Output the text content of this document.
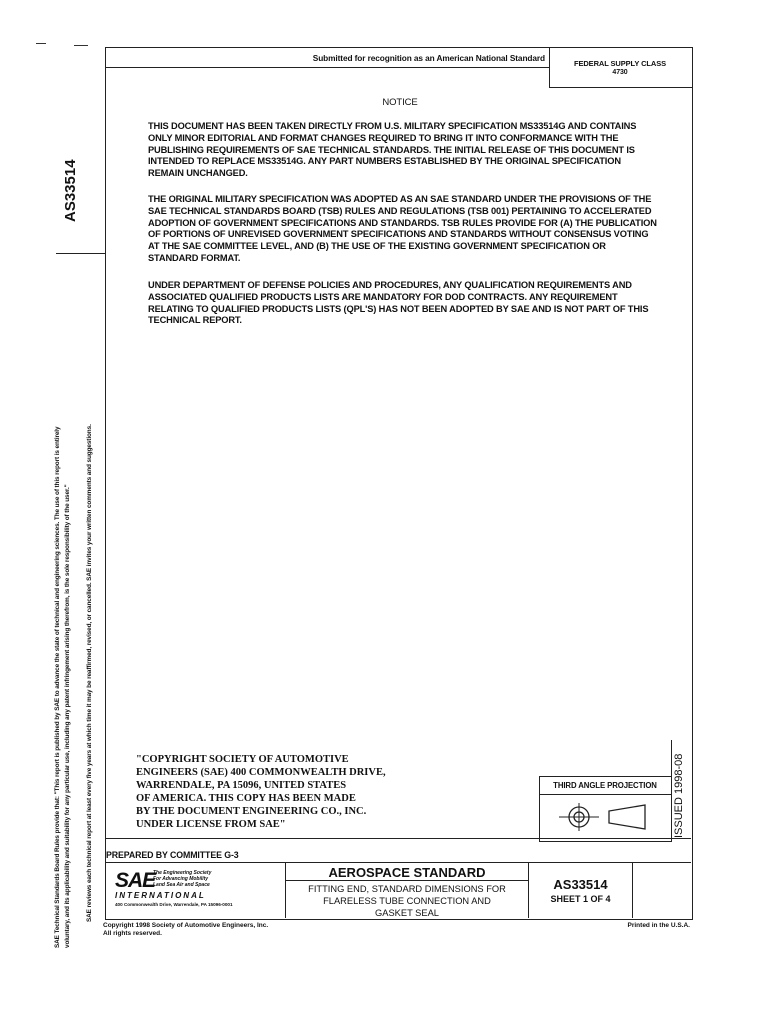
Submitted for recognition as an American National Standard
FEDERAL SUPPLY CLASS
4730
AS33514
SAE Technical Standards Board Rules provide that: "This report is published by SAE to advance the state of technical and engineering sciences. The use of this report is entirely voluntary, and its applicability and suitability for any particular use, including any patent infringement arising therefrom, is the sole responsibility of the user." SAE reviews each technical report at least every five years at which time it may be reaffirmed, revised, or cancelled. SAE invites your written comments and suggestions.
NOTICE
THIS DOCUMENT HAS BEEN TAKEN DIRECTLY FROM U.S. MILITARY SPECIFICATION MS33514G AND CONTAINS ONLY MINOR EDITORIAL AND FORMAT CHANGES REQUIRED TO BRING IT INTO CONFORMANCE WITH THE PUBLISHING REQUIREMENTS OF SAE TECHNICAL STANDARDS. THE INITIAL RELEASE OF THIS DOCUMENT IS INTENDED TO REPLACE MS33514G. ANY PART NUMBERS ESTABLISHED BY THE ORIGINAL SPECIFICATION REMAIN UNCHANGED.
THE ORIGINAL MILITARY SPECIFICATION WAS ADOPTED AS AN SAE STANDARD UNDER THE PROVISIONS OF THE SAE TECHNICAL STANDARDS BOARD (TSB) RULES AND REGULATIONS (TSB 001) PERTAINING TO ACCELERATED ADOPTION OF GOVERNMENT SPECIFICATIONS AND STANDARDS. TSB RULES PROVIDE FOR (A) THE PUBLICATION OF PORTIONS OF UNREVISED GOVERNMENT SPECIFICATIONS AND STANDARDS WITHOUT CONSENSUS VOTING AT THE SAE COMMITTEE LEVEL, AND (B) THE USE OF THE EXISTING GOVERNMENT SPECIFICATION OR STANDARD FORMAT.
UNDER DEPARTMENT OF DEFENSE POLICIES AND PROCEDURES, ANY QUALIFICATION REQUIREMENTS AND ASSOCIATED QUALIFIED PRODUCTS LISTS ARE MANDATORY FOR DOD CONTRACTS. ANY REQUIREMENT RELATING TO QUALIFIED PRODUCTS LISTS (QPL'S) HAS NOT BEEN ADOPTED BY SAE AND IS NOT PART OF THIS TECHNICAL REPORT.
"COPYRIGHT SOCIETY OF AUTOMOTIVE
ENGINEERS (SAE) 400 COMMONWEALTH DRIVE,
WARRENDALE, PA 15096, UNITED STATES
OF AMERICA. THIS COPY HAS BEEN MADE
BY THE DOCUMENT ENGINEERING CO., INC.
UNDER LICENSE FROM SAE"
THIRD ANGLE PROJECTION	ISSUED 1998-08
PREPARED BY COMMITTEE G-3
SAE
The Engineering Society
For Advancing Mobility
Land Sea Air and Space
INTERNATIONAL
400 Commonwealth Drive, Warrendale, PA 15096-0001
AEROSPACE STANDARD
FITTING END, STANDARD DIMENSIONS FOR
FLARELESS TUBE CONNECTION AND
GASKET SEAL
AS33514
SHEET 1 OF 4
Copyright 1998 Society of Automotive Engineers, Inc.
All rights reserved.
Printed in the U.S.A.
